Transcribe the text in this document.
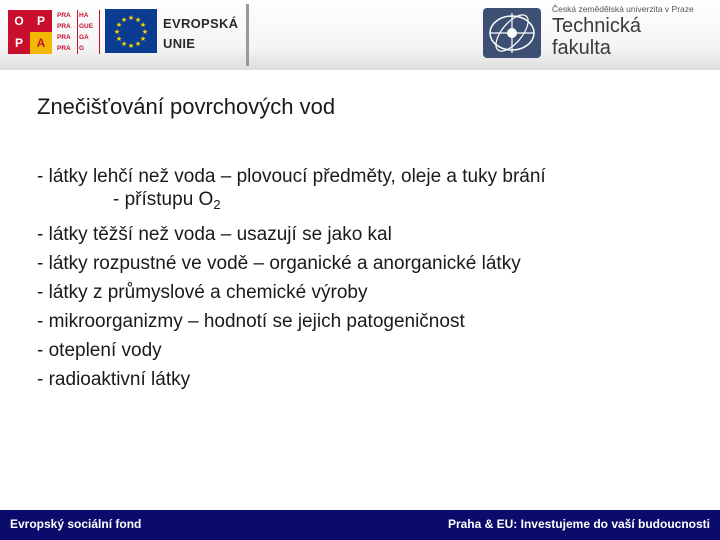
O	P
P	A
PRA	HA
PRA	GUE
PRA	GA
PRA	G
★ ★
★
★
★
★
★
★
★
★
★
★	EVROPSKÁ
UNIE
Česká zemědělská univerzita v Praze
Technická
fakulta
Znečišťování povrchových vod
- látky lehčí než voda – plovoucí předměty, oleje a tuky brání
- přístupu $O_2$
- látky těžší než voda – usazují se jako kal
- látky rozpustné ve vodě – organické a anorganické látky
- látky z průmyslové a chemické výroby
- mikroorganizmy – hodnotí se jejich patogeničnost
- oteplení vody
- radioaktivní látky
Evropský sociální fond	Praha & EU: Investujeme do vaší budoucnosti
